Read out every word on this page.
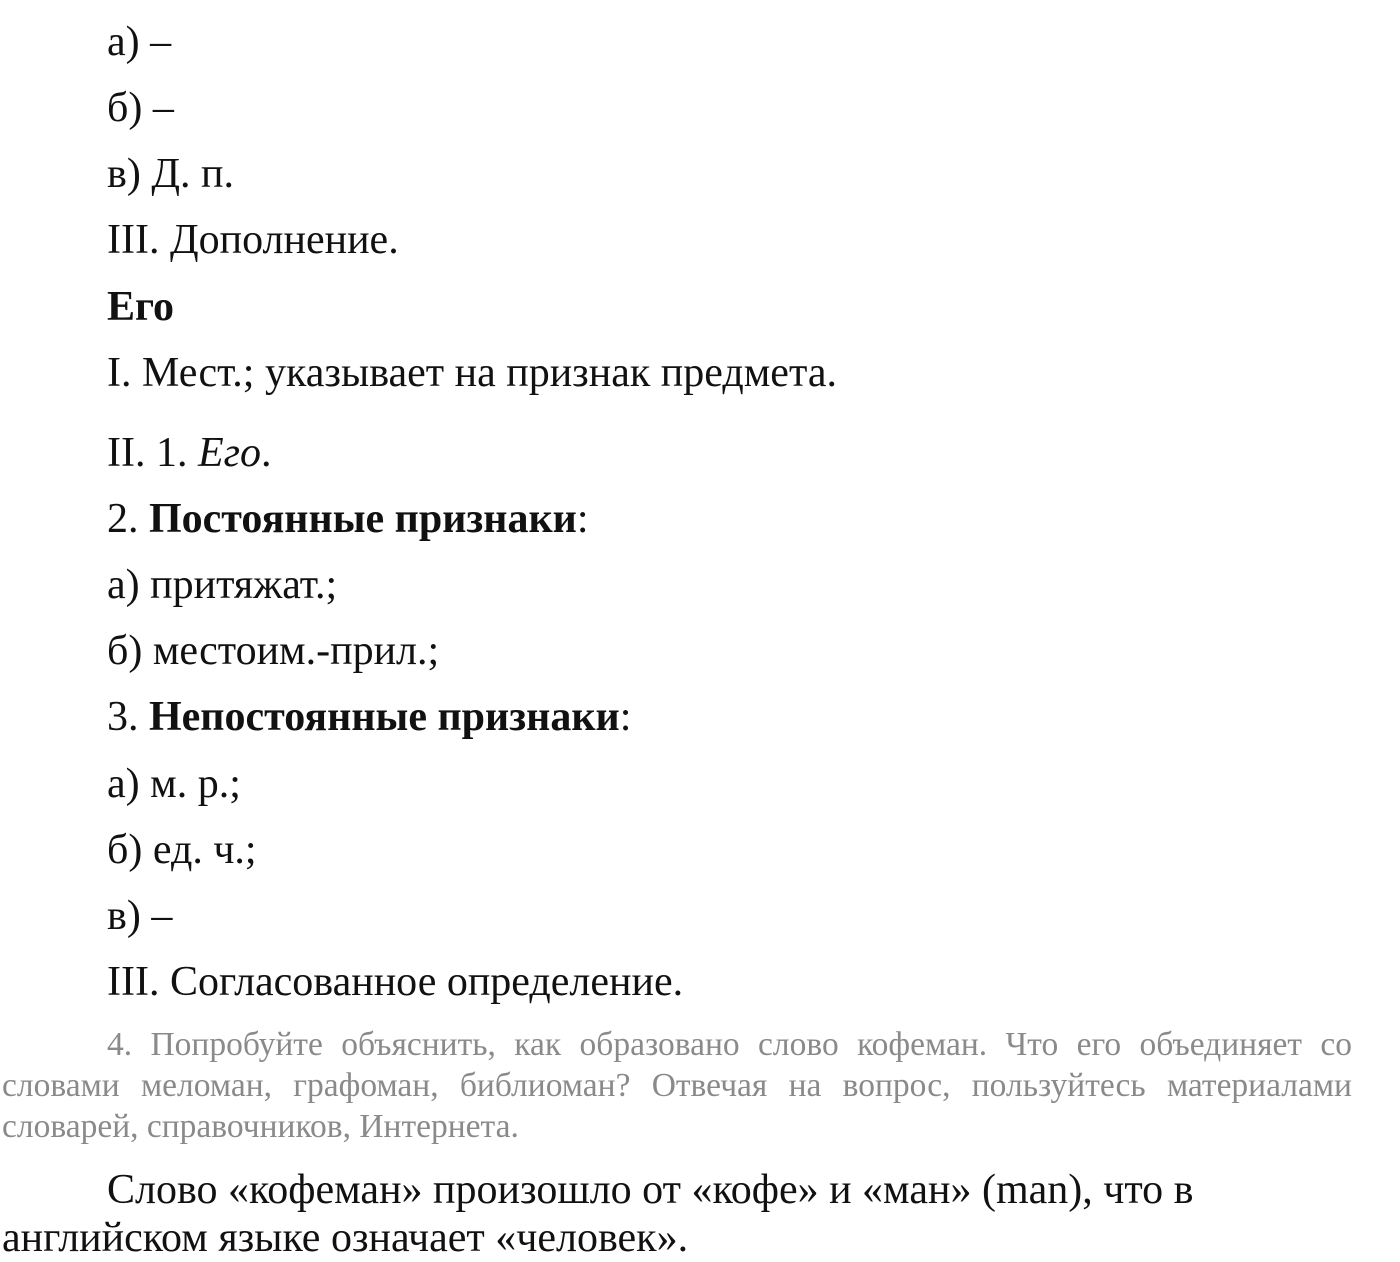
а) –
б) –
в) Д. п.
III. Дополнение.
Его
I. Мест.; указывает на признак предмета.
II. 1. Его.
2. Постоянные признаки:
а) притяжат.;
б) местоим.-прил.;
3. Непостоянные признаки:
а) м. р.;
б) ед. ч.;
в) –
III. Согласованное определение.

4. Попробуйте объяснить, как образовано слово кофеман. Что его объединяет со словами меломан, графоман, библиоман? Отвечая на вопрос, пользуйтесь материалами словарей, справочников, Интернета.

Слово «кофеман» произошло от «кофе» и «ман» (man), что в английском языке означает «человек».
